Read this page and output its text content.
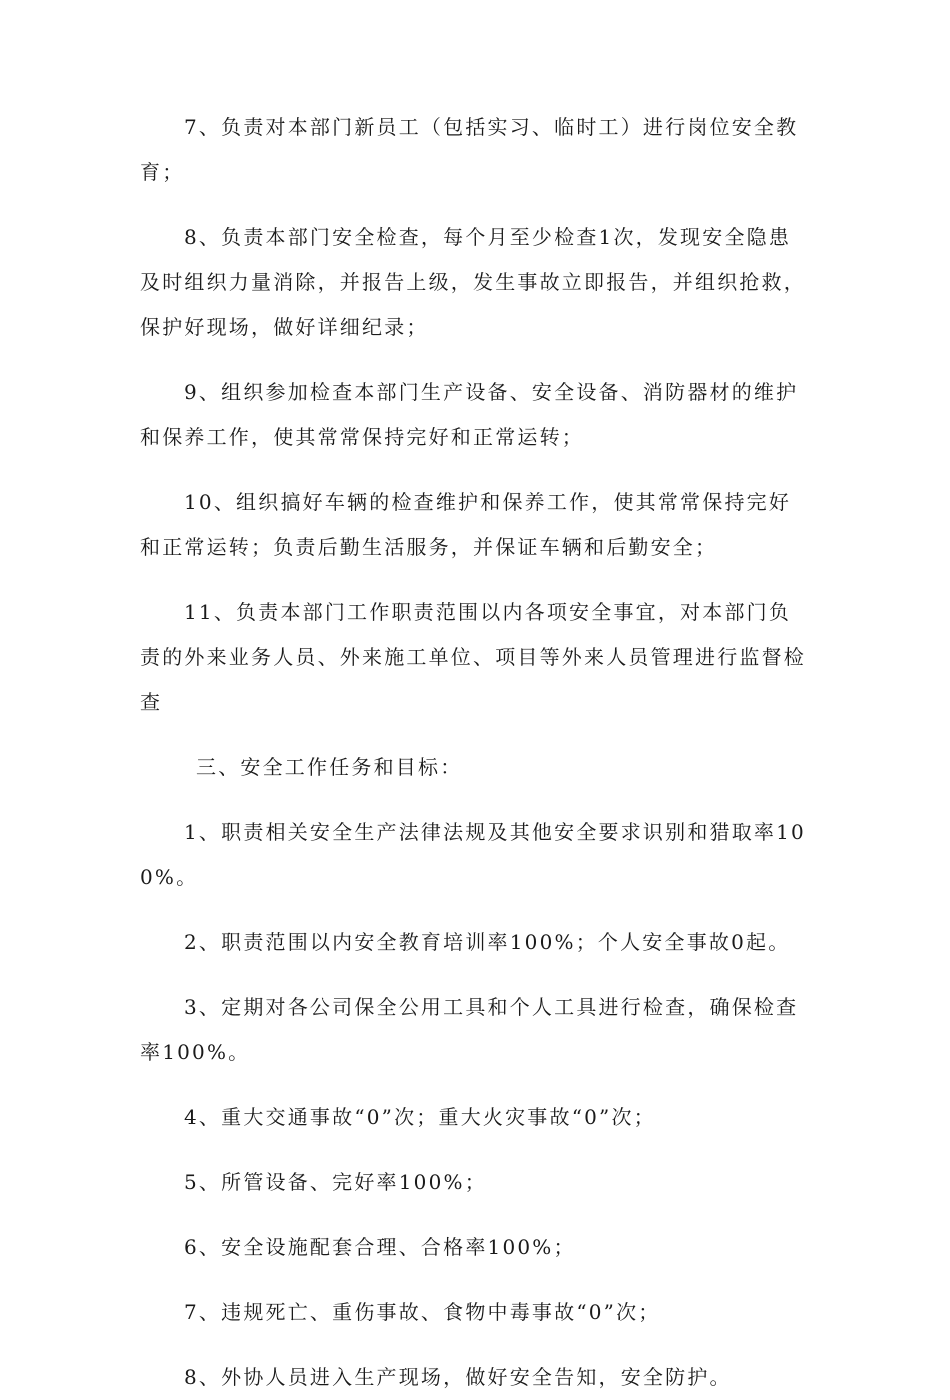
7、负责对本部门新员工（包括实习、临时工）进行岗位安全教育；

8、负责本部门安全检查，每个月至少检查1次，发现安全隐患及时组织力量消除，并报告上级，发生事故立即报告，并组织抢救，保护好现场，做好详细纪录；

9、组织参加检查本部门生产设备、安全设备、消防器材的维护和保养工作，使其常常保持完好和正常运转；

10、组织搞好车辆的检查维护和保养工作，使其常常保持完好和正常运转；负责后勤生活服务，并保证车辆和后勤安全；

11、负责本部门工作职责范围以内各项安全事宜，对本部门负责的外来业务人员、外来施工单位、项目等外来人员管理进行监督检查

三、安全工作任务和目标：

1、职责相关安全生产法律法规及其他安全要求识别和猎取率100%。

2、职责范围以内安全教育培训率100%；个人安全事故0起。

3、定期对各公司保全公用工具和个人工具进行检查，确保检查率100%。

4、重大交通事故“0”次；重大火灾事故“0”次；

5、所管设备、完好率100%；

6、安全设施配套合理、合格率100%；

7、违规死亡、重伤事故、食物中毒事故“0”次；

8、外协人员进入生产现场，做好安全告知，安全防护。
